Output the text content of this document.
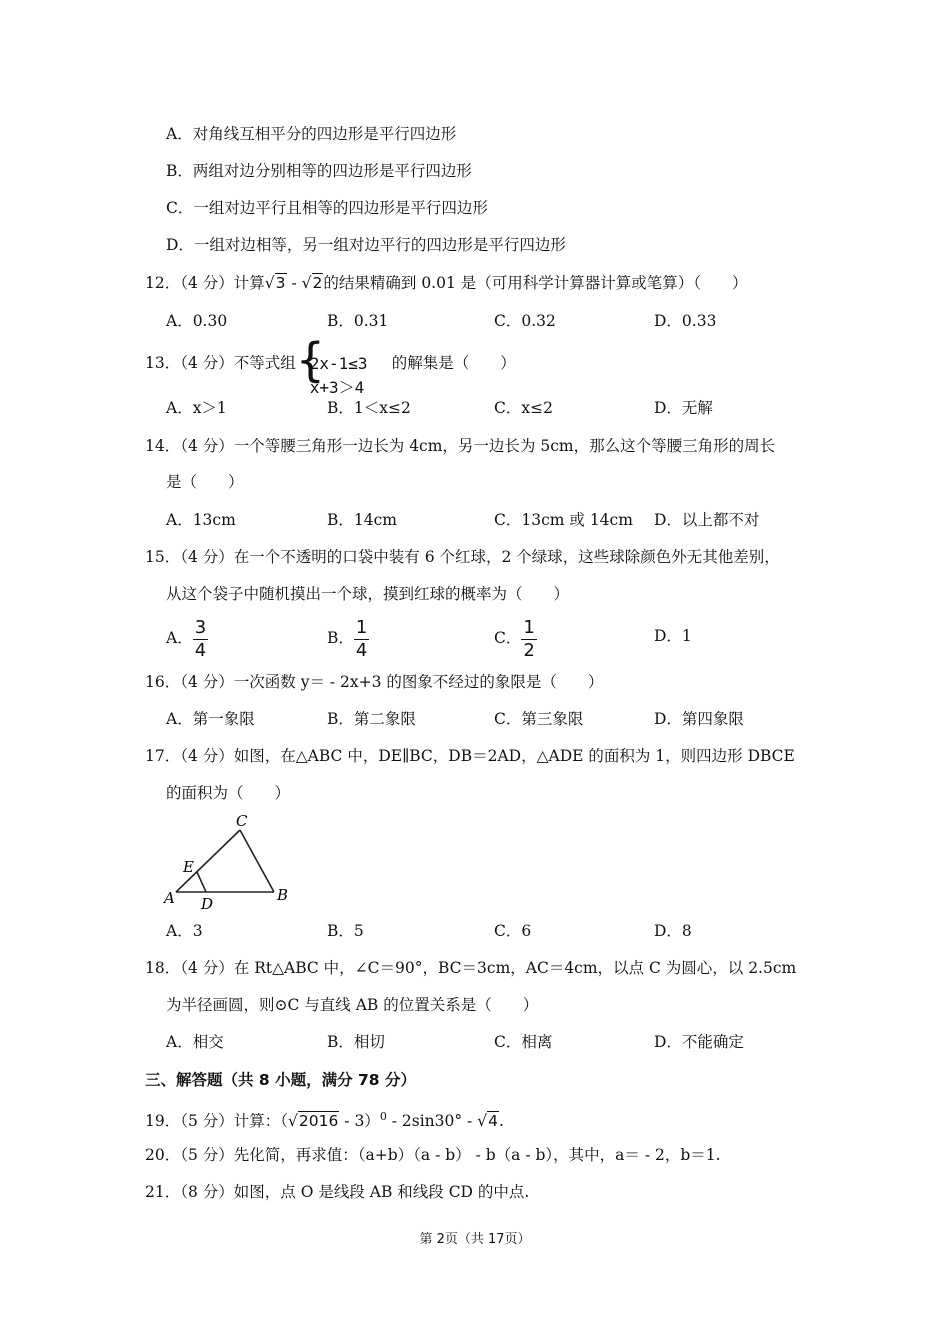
A．对角线互相平分的四边形是平行四边形
B．两组对边分别相等的四边形是平行四边形
C．一组对边平行且相等的四边形是平行四边形
D．一组对边相等，另一组对边平行的四边形是平行四边形
12．（4 分）计算√3 - √2的结果精确到 0.01 是（可用科学计算器计算或笔算）（　　）
A．0.30	B．0.31	C．0.32	D．0.33
13．（4 分）不等式组 {
2x-1≤3
x+3＞4
的解集是（　　）
A．x＞1	B．1＜x≤2	C．x≤2	D．无解
14．（4 分）一个等腰三角形一边长为 4cm，另一边长为 5cm，那么这个等腰三角形的周长
是（　　）
A．13cm	B．14cm	C．13cm 或 14cm D．以上都不对
15．（4 分）在一个不透明的口袋中装有 6 个红球，2 个绿球，这些球除颜色外无其他差别，
从这个袋子中随机摸出一个球，摸到红球的概率为（　　）
A． $\frac{3}{4}$	B． $\frac{1}{4}$	C． $\frac{1}{2}$	D．1
16．（4 分）一次函数 y＝ - 2x+3 的图象不经过的象限是（　　）
A．第一象限	B．第二象限	C．第三象限	D．第四象限
17．（4 分）如图，在△ABC 中，DE∥BC，DB＝2AD，△ADE 的面积为 1，则四边形 DBCE
的面积为（　　）
A	B
C
D
E
A．3	B．5	C．6	D．8
18．（4 分）在 Rt△ABC 中，∠C＝90°，BC＝3cm，AC＝4cm，以点 C 为圆心，以 2.5cm
为半径画圆，则⊙C 与直线 AB 的位置关系是（　　）
A．相交	B．相切	C．相离	D．不能确定
三、解答题（共 8 小题，满分 78 分）
19．（5 分）计算：（√2016 - 3）$^0$ - 2sin30° - √4.
20．（5 分）先化简，再求值：（a+b）（a - b） - b（a - b），其中，a＝ - 2，b＝1.
21．（8 分）如图，点 O 是线段 AB 和线段 CD 的中点.
第 2页（共 17页）
